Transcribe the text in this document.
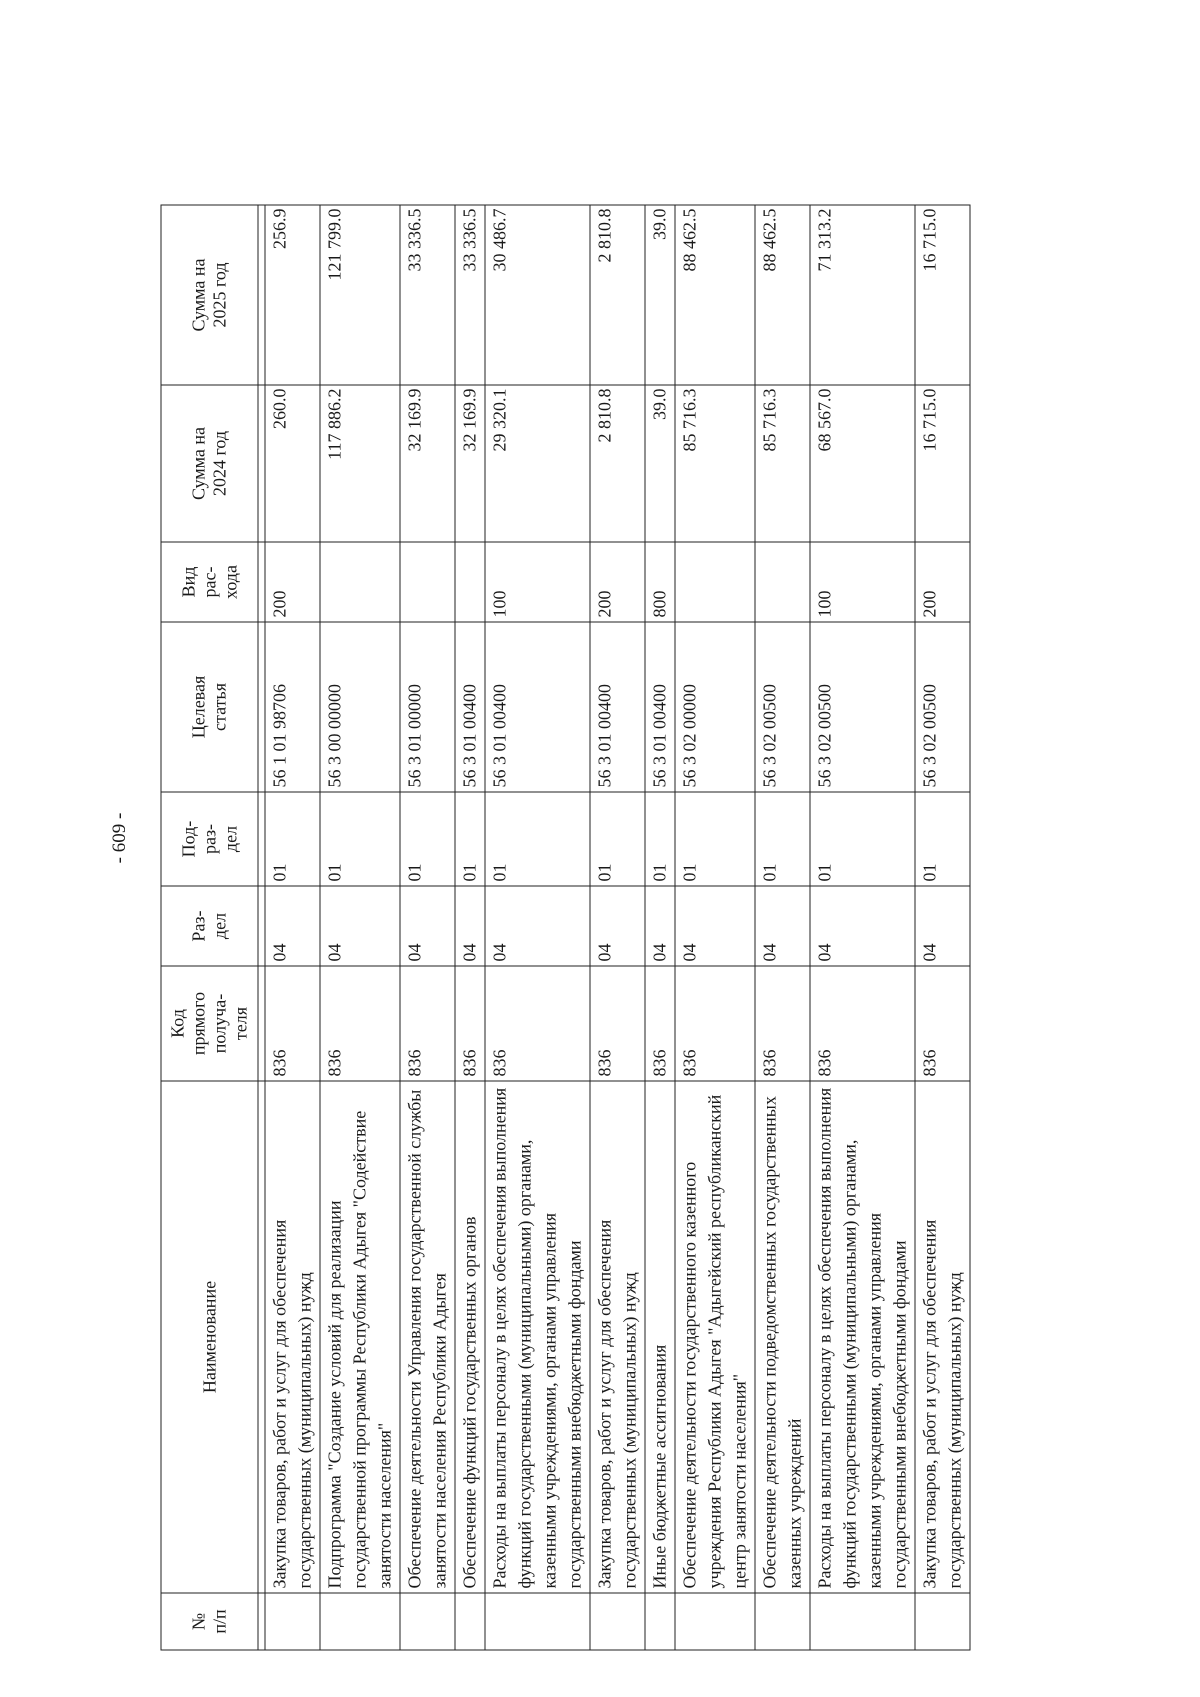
- 609 -
№
п/п	Наименование	Код
прямого
получа-
теля	Раз-
дел	Под-
раз-
дел	Целевая
статья	Вид
рас-
хода	Сумма на
2024 год	Сумма на
2025 год

	Закупка товаров, работ и услуг для обеспечения государственных (муниципальных) нужд	836	04	01	56 1 01 98706	200	260.0	256.9
	Подпрограмма "Создание условий для реализации государственной программы Республики Адыгея "Содействие занятости населения"	836	04	01	56 3 00 00000		117 886.2	121 799.0
	Обеспечение деятельности Управления государственной службы занятости населения Республики Адыгея	836	04	01	56 3 01 00000		32 169.9	33 336.5
	Обеспечение функций государственных органов	836	04	01	56 3 01 00400		32 169.9	33 336.5
	Расходы на выплаты персоналу в целях обеспечения выполнения функций государственными (муниципальными) органами, казенными учреждениями, органами управления государственными внебюджетными фондами	836	04	01	56 3 01 00400	100	29 320.1	30 486.7
	Закупка товаров, работ и услуг для обеспечения государственных (муниципальных) нужд	836	04	01	56 3 01 00400	200	2 810.8	2 810.8
	Иные бюджетные ассигнования	836	04	01	56 3 01 00400	800	39.0	39.0
	Обеспечение деятельности государственного казенного учреждения Республики Адыгея "Адыгейский республиканский центр занятости населения"	836	04	01	56 3 02 00000		85 716.3	88 462.5
	Обеспечение деятельности подведомственных государственных казенных учреждений	836	04	01	56 3 02 00500		85 716.3	88 462.5
	Расходы на выплаты персоналу в целях обеспечения выполнения функций государственными (муниципальными) органами, казенными учреждениями, органами управления государственными внебюджетными фондами	836	04	01	56 3 02 00500	100	68 567.0	71 313.2
	Закупка товаров, работ и услуг для обеспечения государственных (муниципальных) нужд	836	04	01	56 3 02 00500	200	16 715.0	16 715.0
